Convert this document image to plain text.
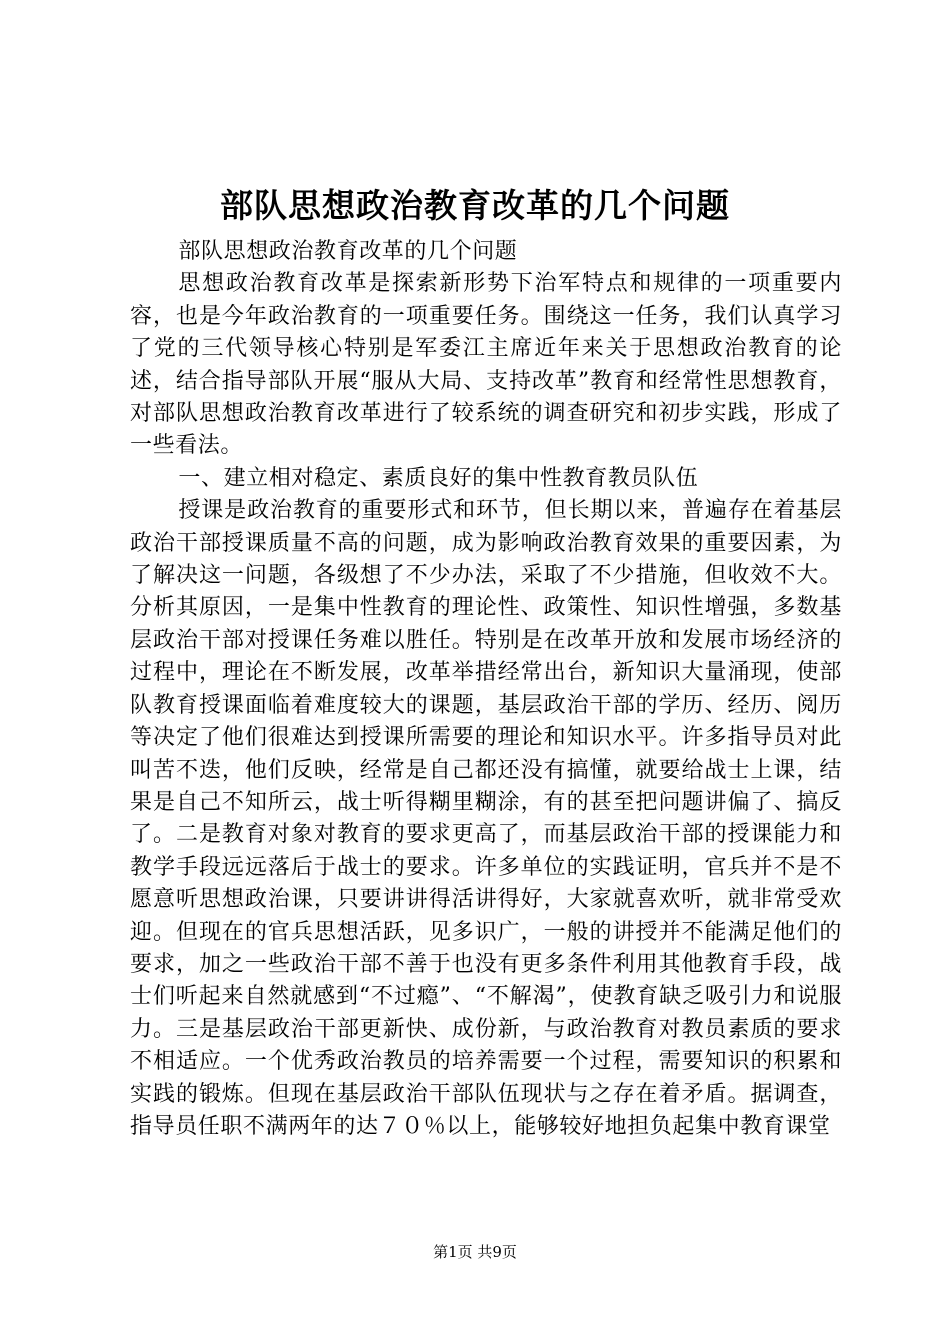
部队思想政治教育改革的几个问题

部队思想政治教育改革的几个问题

思想政治教育改革是探索新形势下治军特点和规律的一项重要内容，也是今年政治教育的一项重要任务。围绕这一任务，我们认真学习了党的三代领导核心特别是军委江主席近年来关于思想政治教育的论述，结合指导部队开展“服从大局、支持改革”教育和经常性思想教育，对部队思想政治教育改革进行了较系统的调查研究和初步实践，形成了一些看法。

一、建立相对稳定、素质良好的集中性教育教员队伍

授课是政治教育的重要形式和环节，但长期以来，普遍存在着基层政治干部授课质量不高的问题，成为影响政治教育效果的重要因素，为了解决这一问题，各级想了不少办法，采取了不少措施，但收效不大。分析其原因，一是集中性教育的理论性、政策性、知识性增强，多数基层政治干部对授课任务难以胜任。特别是在改革开放和发展市场经济的过程中，理论在不断发展，改革举措经常出台，新知识大量涌现，使部队教育授课面临着难度较大的课题，基层政治干部的学历、经历、阅历等决定了他们很难达到授课所需要的理论和知识水平。许多指导员对此叫苦不迭，他们反映，经常是自己都还没有搞懂，就要给战士上课，结果是自己不知所云，战士听得糊里糊涂，有的甚至把问题讲偏了、搞反了。二是教育对象对教育的要求更高了，而基层政治干部的授课能力和教学手段远远落后于战士的要求。许多单位的实践证明，官兵并不是不愿意听思想政治课，只要讲讲得活讲得好，大家就喜欢听，就非常受欢迎。但现在的官兵思想活跃，见多识广，一般的讲授并不能满足他们的要求，加之一些政治干部不善于也没有更多条件利用其他教育手段，战士们听起来自然就感到“不过瘾”、“不解渴”，使教育缺乏吸引力和说服力。三是基层政治干部更新快、成份新，与政治教育对教员素质的要求不相适应。一个优秀政治教员的培养需要一个过程，需要知识的积累和实践的锻炼。但现在基层政治干部队伍现状与之存在着矛盾。据调查，指导员任职不满两年的达７０％以上，能够较好地担负起集中教育课堂

第1页 共9页
